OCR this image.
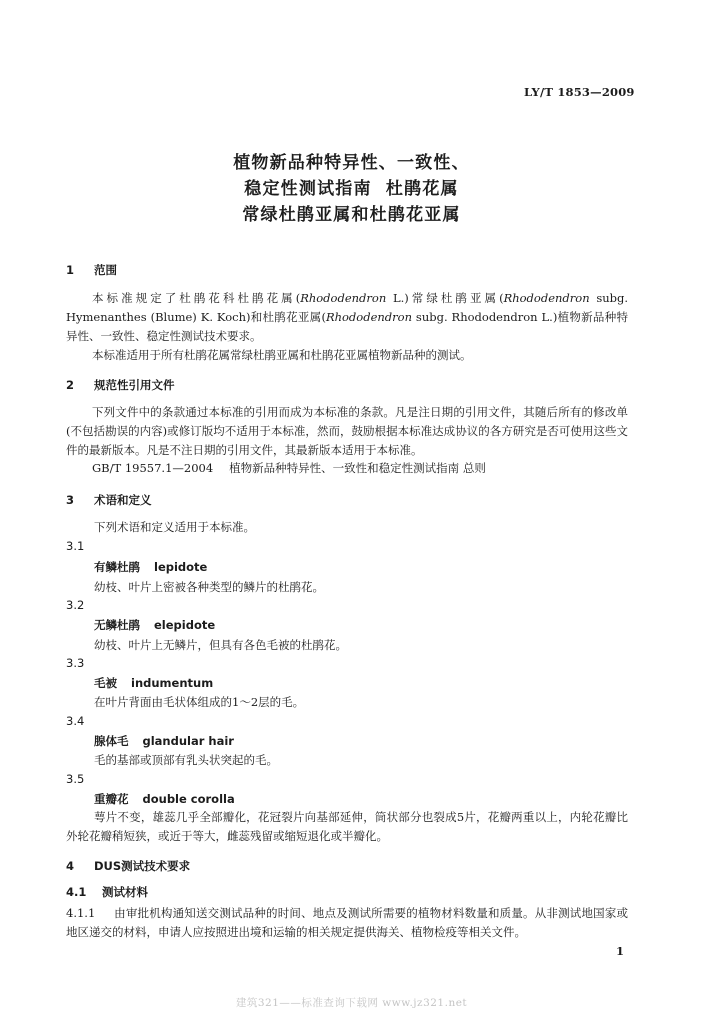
LY/T 1853—2009
植物新品种特异性、一致性、
稳定性测试指南  杜鹃花属
常绿杜鹃亚属和杜鹃花亚属
1 范围
本标准规定了杜鹃花科杜鹃花属(Rhododendron L.)常绿杜鹃亚属(Rhododendron subg. Hymenanthes (Blume) K. Koch)和杜鹃花亚属(Rhododendron subg. Rhododendron L.)植物新品种特异性、一致性、稳定性测试技术要求。
本标准适用于所有杜鹃花属常绿杜鹃亚属和杜鹃花亚属植物新品种的测试。
2 规范性引用文件
下列文件中的条款通过本标准的引用而成为本标准的条款。凡是注日期的引用文件，其随后所有的修改单(不包括勘误的内容)或修订版均不适用于本标准，然而，鼓励根据本标准达成协议的各方研究是否可使用这些文件的最新版本。凡是不注日期的引用文件，其最新版本适用于本标准。
GB/T 19557.1—2004 植物新品种特异性、一致性和稳定性测试指南 总则
3 术语和定义
下列术语和定义适用于本标准。
3.1
有鳞杜鹃 lepidote
幼枝、叶片上密被各种类型的鳞片的杜鹃花。
3.2
无鳞杜鹃 elepidote
幼枝、叶片上无鳞片，但具有各色毛被的杜鹃花。
3.3
毛被 indumentum
在叶片背面由毛状体组成的1～2层的毛。
3.4
腺体毛 glandular hair
毛的基部或顶部有乳头状突起的毛。
3.5
重瓣花 double corolla
萼片不变，雄蕊几乎全部瓣化，花冠裂片向基部延伸，筒状部分也裂成5片，花瓣两重以上，内轮花瓣比外轮花瓣稍短狭，或近于等大，雌蕊残留或缩短退化或半瓣化。
4 DUS测试技术要求
4.1 测试材料
4.1.1 由审批机构通知送交测试品种的时间、地点及测试所需要的植物材料数量和质量。从非测试地国家或地区递交的材料，申请人应按照进出境和运输的相关规定提供海关、植物检疫等相关文件。
1
建筑321——标准查询下载网 www.jz321.net
